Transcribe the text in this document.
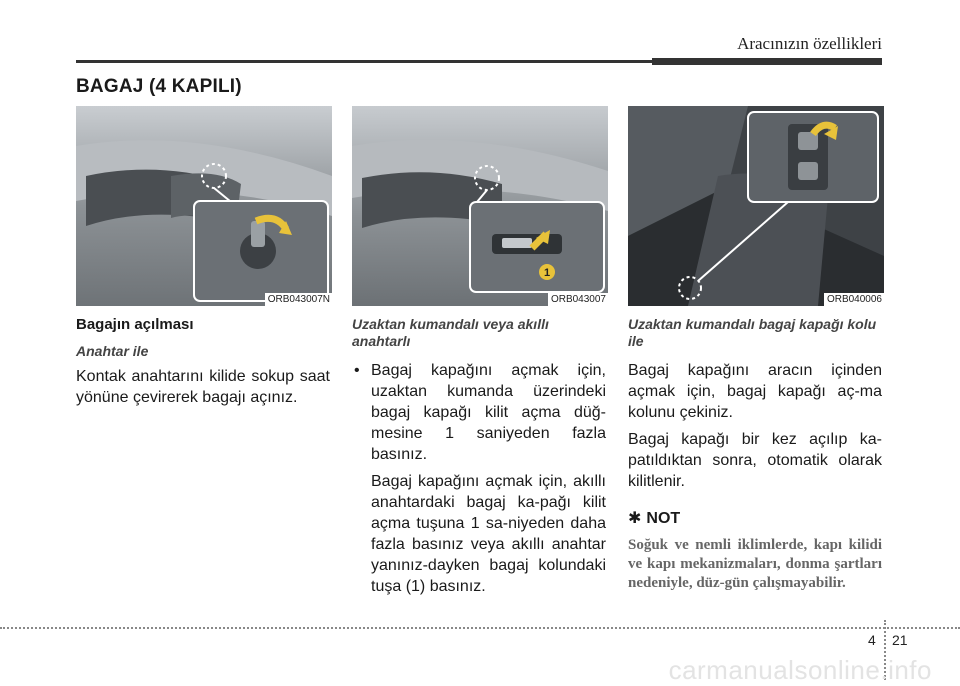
Aracınızın özellikleri
BAGAJ (4 KAPILI)
ORB043007N
1
ORB043007	ORB040006
Bagajın açılması

Anahtar ile

Kontak anahtarını kilide sokup saat yönüne çevirerek bagajı açınız.

Uzaktan kumandalı veya akıllı anahtarlı

• Bagaj kapağını açmak için, uzaktan kumanda üzerindeki bagaj kapağı kilit açma düğ-mesine 1 saniyeden fazla basınız.

Bagaj kapağını açmak için, akıllı anahtardaki bagaj ka-pağı kilit açma tuşuna 1 sa-niyeden daha fazla basınız veya akıllı anahtar yanınız-dayken bagaj kolundaki tuşa (1) basınız.

Uzaktan kumandalı bagaj kapağı kolu ile

Bagaj kapağını aracın içinden açmak için, bagaj kapağı aç-ma kolunu çekiniz.

Bagaj kapağı bir kez açılıp ka-patıldıktan sonra, otomatik olarak kilitlenir.

✱ NOT

Soğuk ve nemli iklimlerde, kapı kilidi ve kapı mekanizmaları, donma şartları nedeniyle, düz-gün çalışmayabilir.

4 21
carmanualsonline.info
